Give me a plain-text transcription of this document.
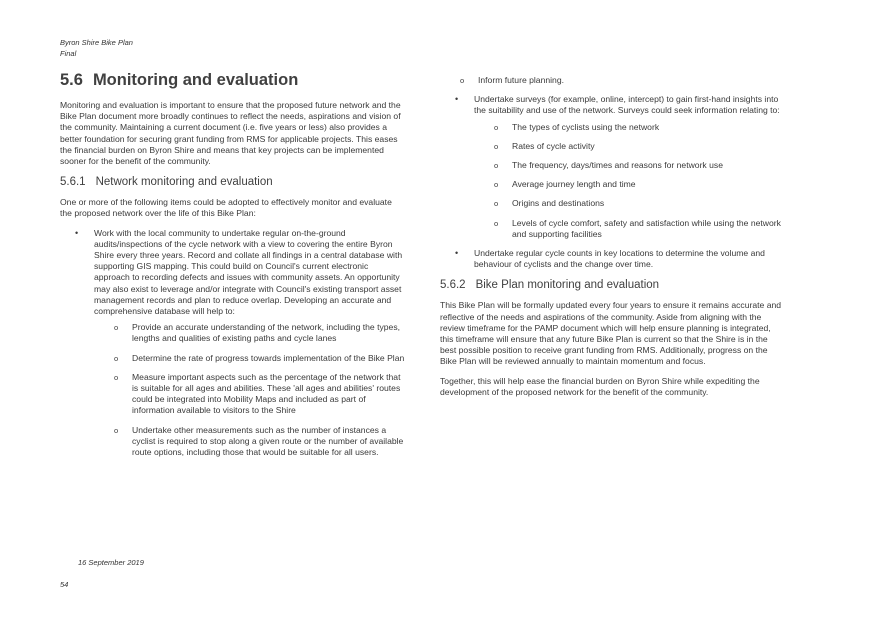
Byron Shire Bike Plan
Final
5.6 Monitoring and evaluation

Monitoring and evaluation is important to ensure that the proposed future network and the Bike Plan document more broadly continues to reflect the needs, aspirations and vision of the community. Maintaining a current document (i.e. five years or less) also provides a better foundation for securing grant funding from RMS for applicable projects. This eases the financial burden on Byron Shire and means that key projects can be implemented sooner for the benefit of the community.

5.6.1 Network monitoring and evaluation

One or more of the following items could be adopted to effectively monitor and evaluate the proposed network over the life of this Bike Plan:

• Work with the local community to undertake regular on-the-ground audits/inspections of the cycle network with a view to covering the entire Byron Shire every three years. Record and collate all findings in a central database with supporting GIS mapping. This could build on Council's current electronic approach to recording defects and issues with community assets. An opportunity may also exist to leverage and/or integrate with Council's existing transport asset management records and plan to reduce overlap. Developing an accurate and comprehensive database will help to:
o Provide an accurate understanding of the network, including the types, lengths and qualities of existing paths and cycle lanes
o Determine the rate of progress towards implementation of the Bike Plan
o Measure important aspects such as the percentage of the network that is suitable for all ages and abilities. These 'all ages and abilities' routes could be integrated into Mobility Maps and included as part of information available to visitors to the Shire
o Undertake other measurements such as the number of instances a cyclist is required to stop along a given route or the number of available route options, including those that would be suitable for all users.
o Inform future planning.
• Undertake surveys (for example, online, intercept) to gain first-hand insights into the suitability and use of the network. Surveys could seek information relating to:
o The types of cyclists using the network
o Rates of cycle activity
o The frequency, days/times and reasons for network use
o Average journey length and time
o Origins and destinations
o Levels of cycle comfort, safety and satisfaction while using the network and supporting facilities
• Undertake regular cycle counts in key locations to determine the volume and behaviour of cyclists and the change over time.
5.6.2 Bike Plan monitoring and evaluation

This Bike Plan will be formally updated every four years to ensure it remains accurate and reflective of the needs and aspirations of the community. Aside from aligning with the review timeframe for the PAMP document which will help ensure planning is integrated, this timeframe will ensure that any future Bike Plan is current so that the Shire is in the best possible position to receive grant funding from RMS. Additionally, progress on the Bike Plan will be reviewed annually to maintain momentum and focus.

Together, this will help ease the financial burden on Byron Shire while expediting the development of the proposed network for the benefit of the community.

16 September 2019
54
